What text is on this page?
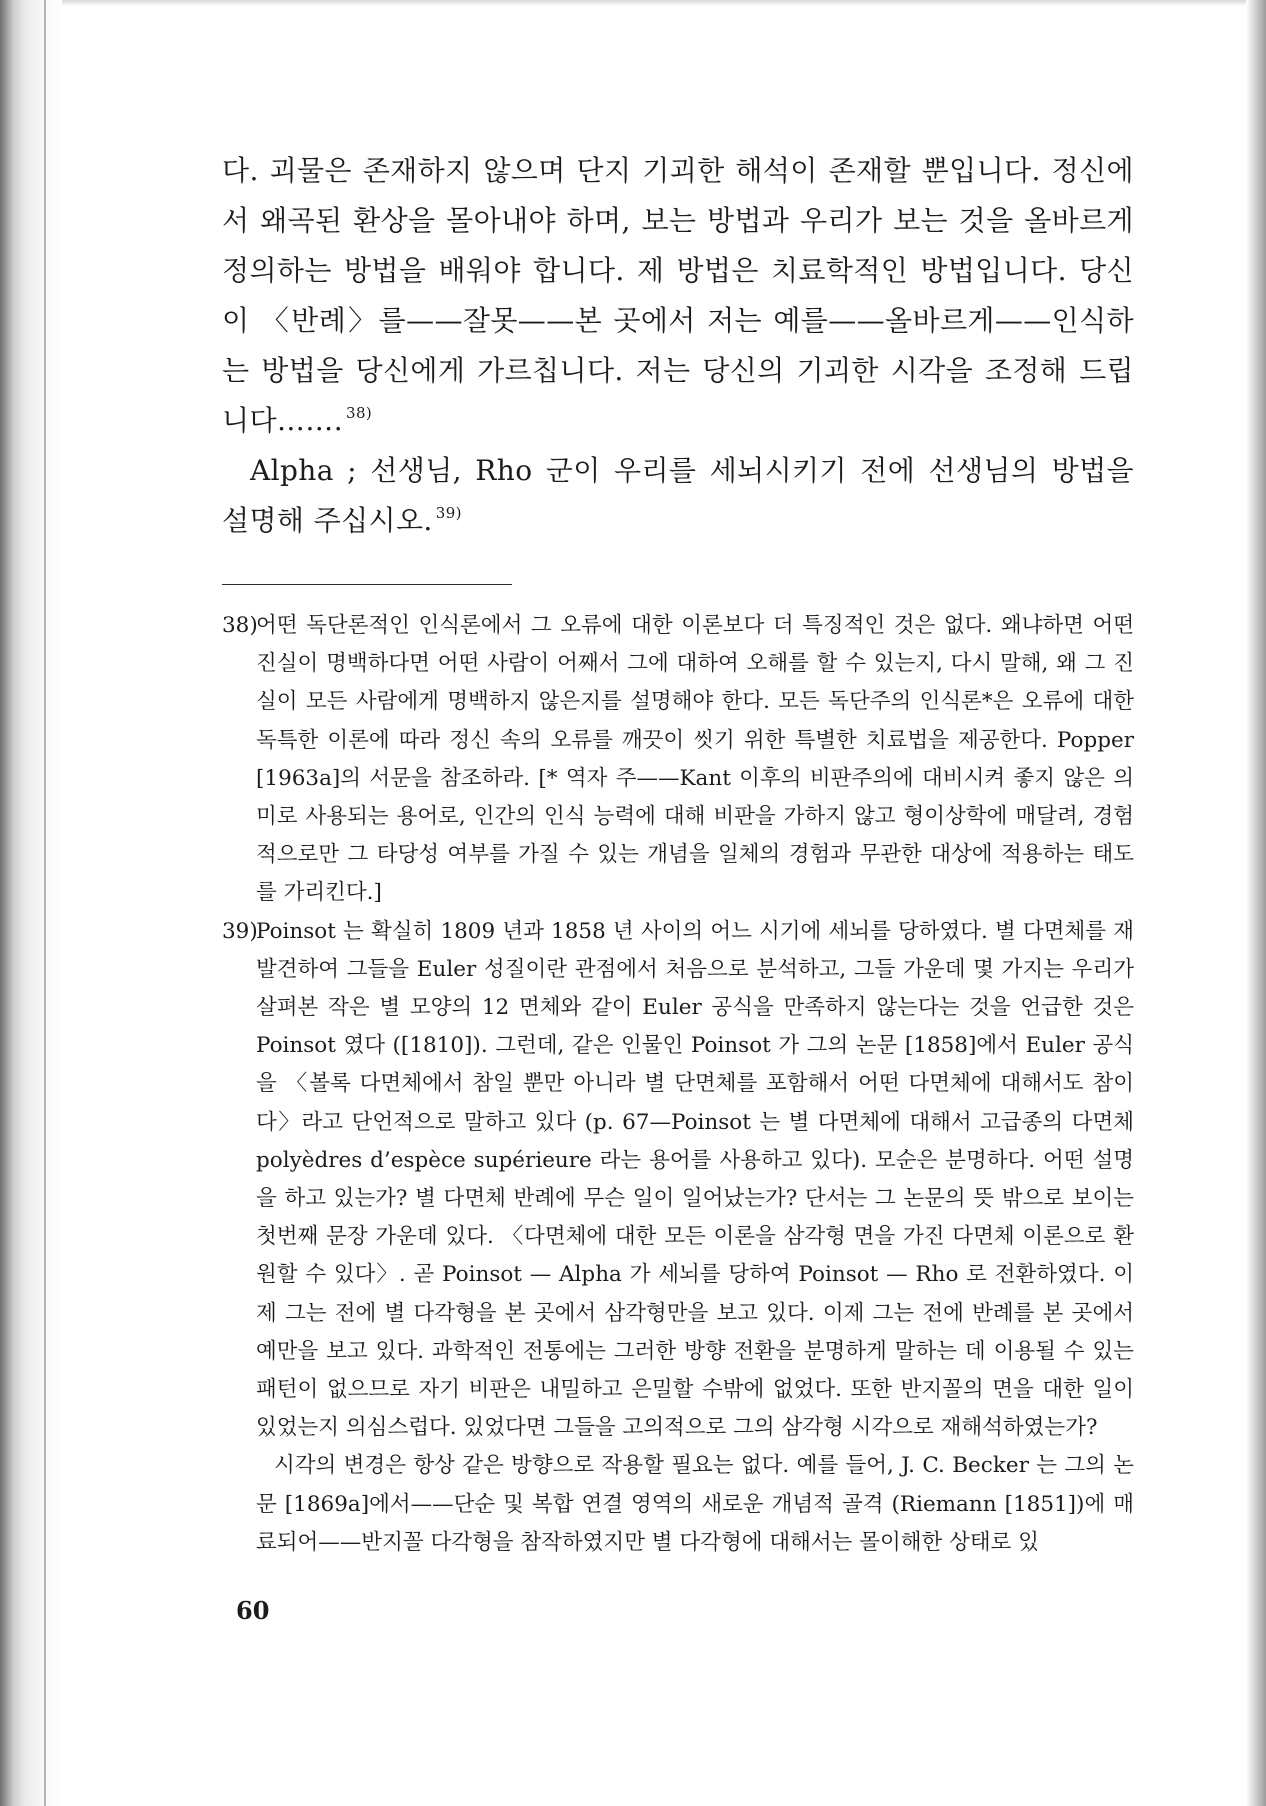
다. 괴물은 존재하지 않으며 단지 기괴한 해석이 존재할 뿐입니다. 정신에서 왜곡된 환상을 몰아내야 하며, 보는 방법과 우리가 보는 것을 올바르게 정의하는 방법을 배워야 합니다. 제 방법은 치료학적인 방법입니다. 당신이 〈반례〉를——잘못——본 곳에서 저는 예를——올바르게——인식하는 방법을 당신에게 가르칩니다. 저는 당신의 기괴한 시각을 조정해 드립니다……. $^{38)}$

Alpha ; 선생님, Rho 군이 우리를 세뇌시키기 전에 선생님의 방법을 설명해 주십시오. $^{39)}$

38)

어떤 독단론적인 인식론에서 그 오류에 대한 이론보다 더 특징적인 것은 없다. 왜냐하면 어떤 진실이 명백하다면 어떤 사람이 어째서 그에 대하여 오해를 할 수 있는지, 다시 말해, 왜 그 진실이 모든 사람에게 명백하지 않은지를 설명해야 한다. 모든 독단주의 인식론*은 오류에 대한 독특한 이론에 따라 정신 속의 오류를 깨끗이 씻기 위한 특별한 치료법을 제공한다. Popper [1963a]의 서문을 참조하라. [* 역자 주——Kant 이후의 비판주의에 대비시켜 좋지 않은 의미로 사용되는 용어로, 인간의 인식 능력에 대해 비판을 가하지 않고 형이상학에 매달려, 경험적으로만 그 타당성 여부를 가질 수 있는 개념을 일체의 경험과 무관한 대상에 적용하는 태도를 가리킨다.]

39)

Poinsot 는 확실히 1809 년과 1858 년 사이의 어느 시기에 세뇌를 당하였다. 별 다면체를 재발견하여 그들을 Euler 성질이란 관점에서 처음으로 분석하고, 그들 가운데 몇 가지는 우리가 살펴본 작은 별 모양의 12 면체와 같이 Euler 공식을 만족하지 않는다는 것을 언급한 것은 Poinsot 였다 ([1810]). 그런데, 같은 인물인 Poinsot 가 그의 논문 [1858]에서 Euler 공식을 〈볼록 다면체에서 참일 뿐만 아니라 별 단면체를 포함해서 어떤 다면체에 대해서도 참이다〉라고 단언적으로 말하고 있다 (p. 67—Poinsot 는 별 다면체에 대해서 고급종의 다면체 polyèdres d’espèce supérieure 라는 용어를 사용하고 있다). 모순은 분명하다. 어떤 설명을 하고 있는가? 별 다면체 반례에 무슨 일이 일어났는가? 단서는 그 논문의 뜻 밖으로 보이는 첫번째 문장 가운데 있다. 〈다면체에 대한 모든 이론을 삼각형 면을 가진 다면체 이론으로 환원할 수 있다〉. 곧 Poinsot — Alpha 가 세뇌를 당하여 Poinsot — Rho 로 전환하였다. 이제 그는 전에 별 다각형을 본 곳에서 삼각형만을 보고 있다. 이제 그는 전에 반례를 본 곳에서 예만을 보고 있다. 과학적인 전통에는 그러한 방향 전환을 분명하게 말하는 데 이용될 수 있는 패턴이 없으므로 자기 비판은 내밀하고 은밀할 수밖에 없었다. 또한 반지꼴의 면을 대한 일이 있었는지 의심스럽다. 있었다면 그들을 고의적으로 그의 삼각형 시각으로 재해석하였는가?

시각의 변경은 항상 같은 방향으로 작용할 필요는 없다. 예를 들어, J. C. Becker 는 그의 논문 [1869a]에서——단순 및 복합 연결 영역의 새로운 개념적 골격 (Riemann [1851])에 매료되어——반지꼴 다각형을 참작하였지만 별 다각형에 대해서는 몰이해한 상태로 있

60
